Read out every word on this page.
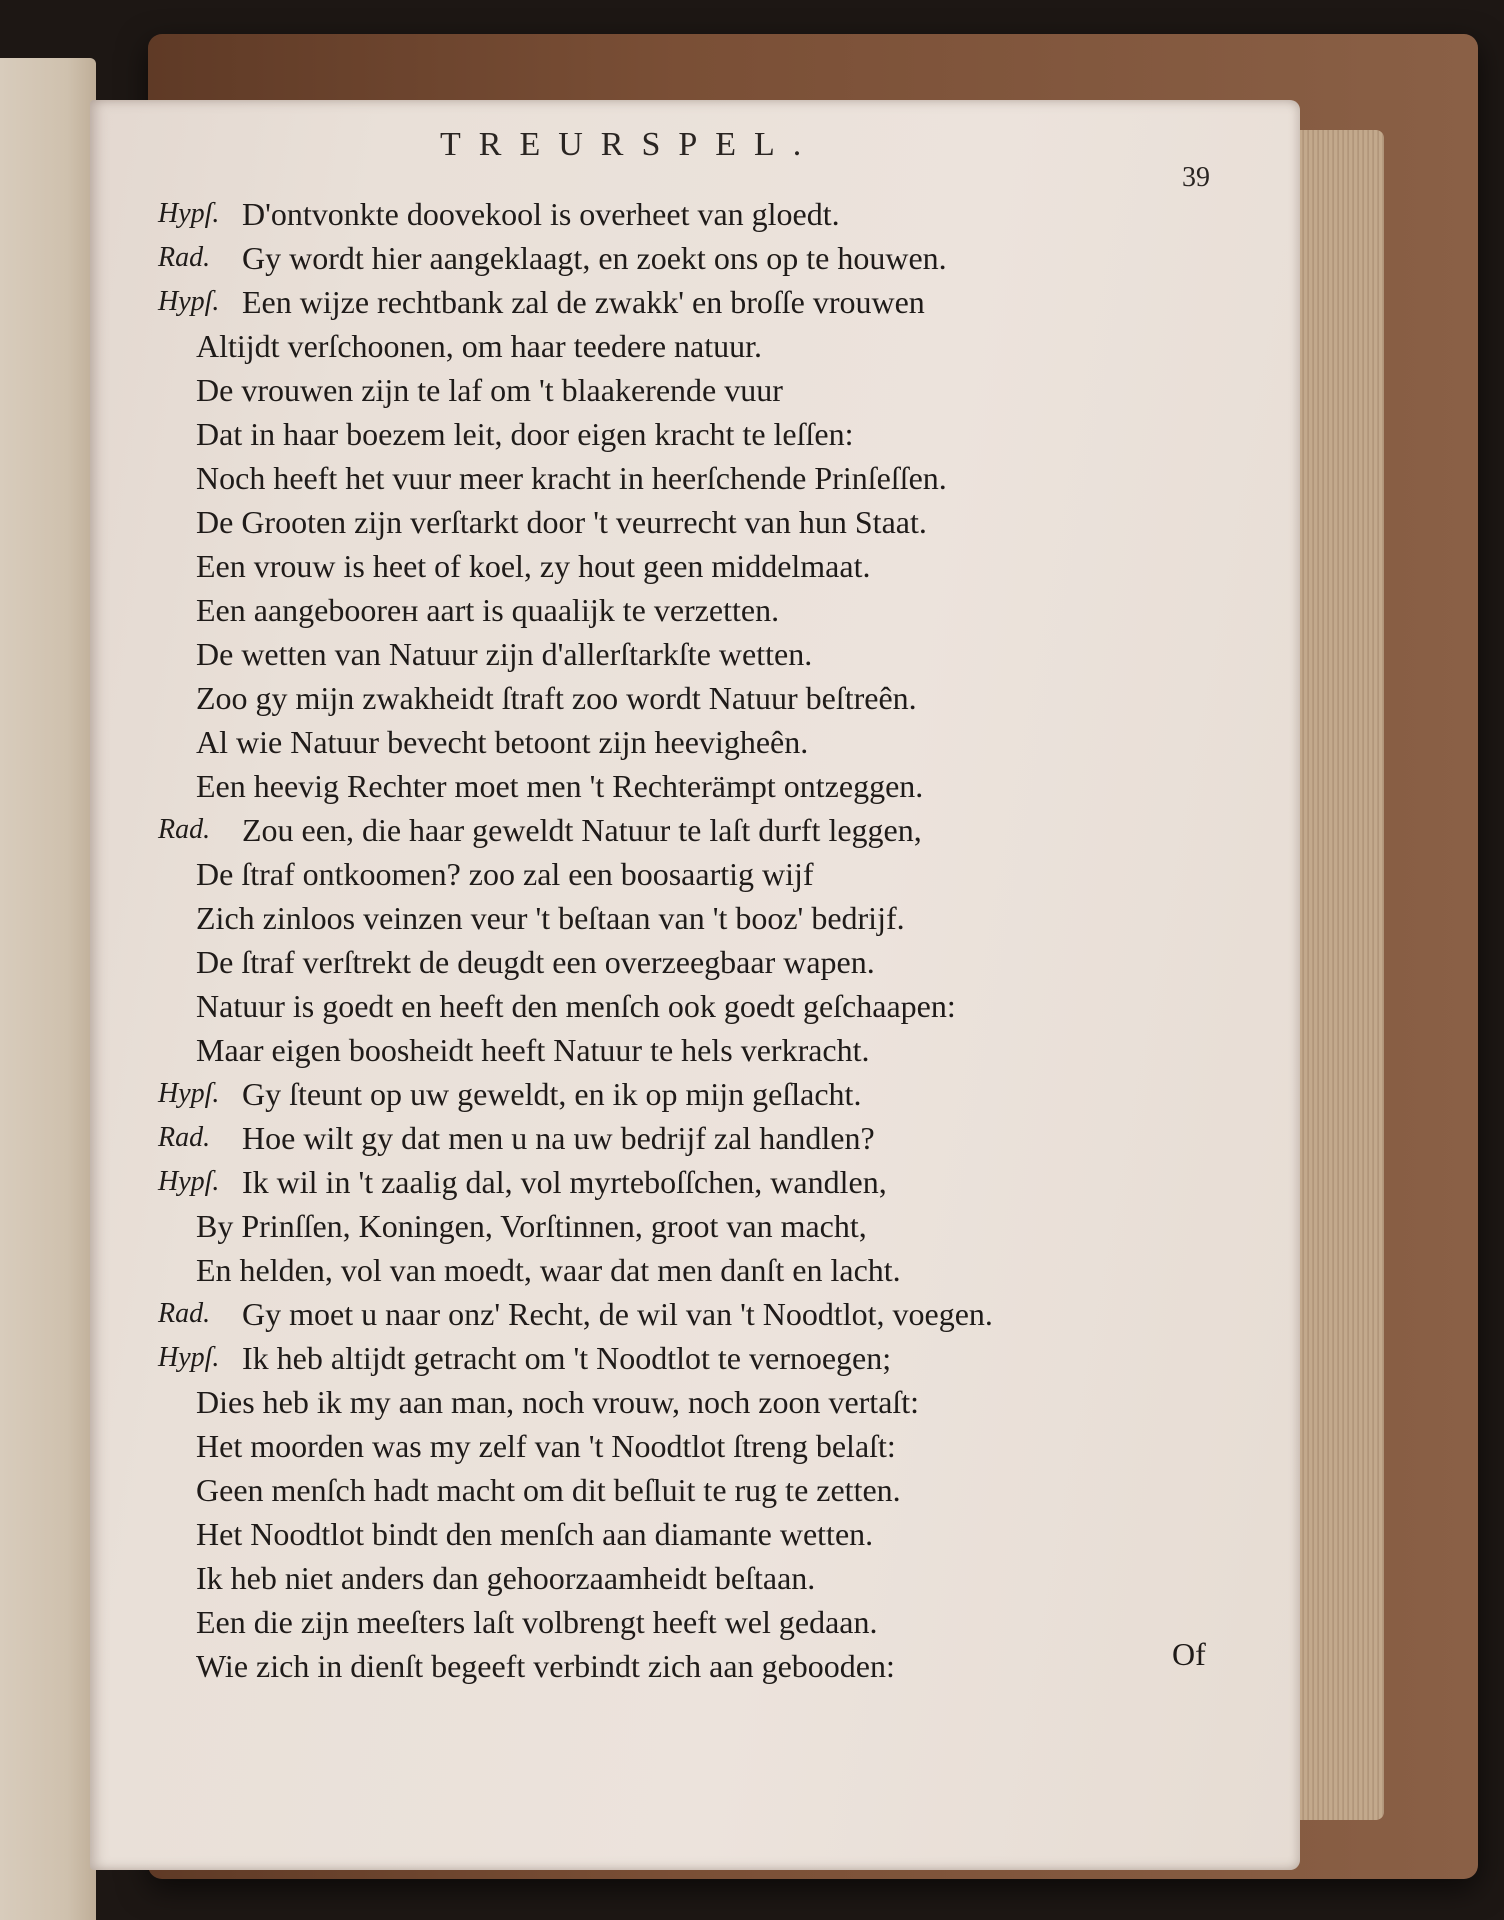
TREURSPEL.
39
Hypſ. D'ontvonkte doovekool is overheet van gloedt.
Rad. Gy wordt hier aangeklaagt, en zoekt ons op te houwen.
Hypſ. Een wijze rechtbank zal de zwakk' en broſſe vrouwen
Altijdt verſchoonen, om haar teedere natuur.
De vrouwen zijn te laf om 't blaakerende vuur
Dat in haar boezem leit, door eigen kracht te leſſen:
Noch heeft het vuur meer kracht in heerſchende Prinſeſſen.
De Grooten zijn verſtarkt door 't veurrecht van hun Staat.
Een vrouw is heet of koel, zy hout geen middelmaat.
Een aangeboorен aart is quaalijk te verzetten.
De wetten van Natuur zijn d'allerſtarkſte wetten.
Zoo gy mijn zwakheidt ſtraft zoo wordt Natuur beſtreên.
Al wie Natuur bevecht betoont zijn heevigheên.
Een heevig Rechter moet men 't Rechterämpt ontzeggen.
Rad. Zou een, die haar geweldt Natuur te laſt durft leggen,
De ſtraf ontkoomen? zoo zal een boosaartig wijf
Zich zinloos veinzen veur 't beſtaan van 't booz' bedrijf.
De ſtraf verſtrekt de deugdt een overzeegbaar wapen.
Natuur is goedt en heeft den menſch ook goedt geſchaapen:
Maar eigen boosheidt heeft Natuur te hels verkracht.
Hypſ. Gy ſteunt op uw geweldt, en ik op mijn geſlacht.
Rad. Hoe wilt gy dat men u na uw bedrijf zal handlen?
Hypſ. Ik wil in 't zaalig dal, vol myrteboſſchen, wandlen,
By Prinſſen, Koningen, Vorſtinnen, groot van macht,
En helden, vol van moedt, waar dat men danſt en lacht.
Rad. Gy moet u naar onz' Recht, de wil van 't Noodtlot, voegen.
Hypſ. Ik heb altijdt getracht om 't Noodtlot te vernoegen;
Dies heb ik my aan man, noch vrouw, noch zoon vertaſt:
Het moorden was my zelf van 't Noodtlot ſtreng belaſt:
Geen menſch hadt macht om dit beſluit te rug te zetten.
Het Noodtlot bindt den menſch aan diamante wetten.
Ik heb niet anders dan gehoorzaamheidt beſtaan.
Een die zijn meeſters laſt volbrengt heeft wel gedaan.
Wie zich in dienſt begeeft verbindt zich aan gebooden:	Of
